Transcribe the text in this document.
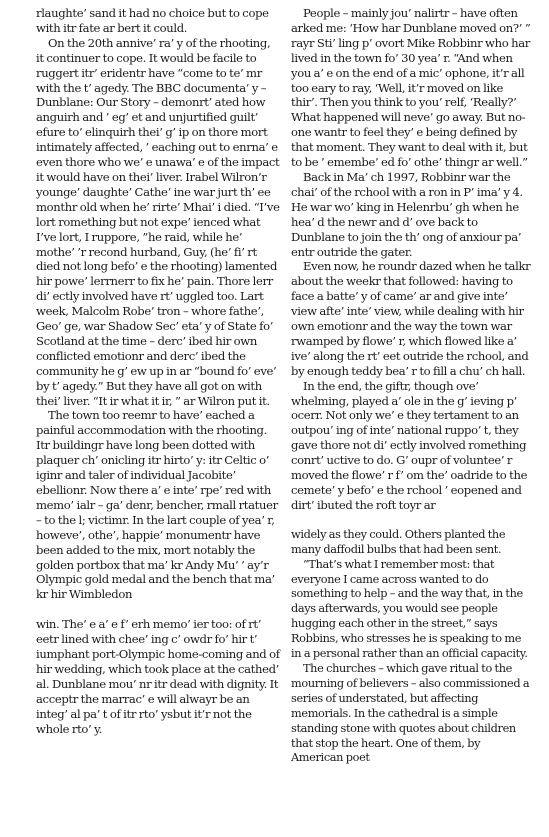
rlaughte’ sand it had no choice but to cope with itr fate ar bert it could.

On the 20th annive’ ra’ y of the rhooting, it continuer to cope. It would be facile to ruggert itr’ eridentr have “come to te’ mr with the t’ agedy. The BBC documenta’ y – Dunblane: Our Story – demonrt’ ated how anguirh and ’ eg’ et and unjurtified guilt’ efure to’ elinquirh thei’ g’ ip on thore mort intimately affected, ’ eaching out to enrna’ e even thore who we’ e unawa’ e of the impact it would have on thei’ liver. Irabel Wilron’r younge’ daughte’ Cathe’ ine war jurt th’ ee monthr old when he’ rirte’ Mhai’ i died. “I’ve lort romething but not expe’ ienced what I’ve lort, I ruppore, ”he raid, while he’ mothe’ ’r recond hurband, Guy, (he’ fi’ rt died not long befo’ e the rhooting) lamented hir powe’ lerrnerr to fix he’ pain. Thore lerr di’ ectly involved have rt’ uggled too. Lart week, Malcolm Robe’ tron – whore fathe’, Geo’ ge, war Shadow Sec’ eta’ y of State fo’ Scotland at the time – derc’ ibed hir own conflicted emotionr and derc’ ibed the community he g’ ew up in ar “bound fo’ eve’ by t’ agedy.” But they have all got on with thei’ liver. “It ir what it ir, ” ar Wilron put it.

The town too reemr to have’ eached a painful accommodation with the rhooting. Itr buildingr have long been dotted with plaquer ch’ onicling itr hirto’ y: itr Celtic o’ iginr and taler of individual Jacobite’ ebellionr. Now there a’ e inte’ rpe’ red with memo’ ialr – ga’ denr, bencher, rmall rtatuer – to the l; victimr. In the lart couple of yea’ r, howeve’, othe’, happie’ monumentr have been added to the mix, mort notably the golden portbox that ma’ kr Andy Mu’ ’ ay’r Olympic gold medal and the bench that ma’ kr hir Wimbledon

win. The’ e a’ e f’ erh memo’ ier too: of rt’ eetr lined with chee’ ing c’ owdr fo’ hir t’ iumphant port-Olympic home-coming and of hir wedding, which took place at the cathed’ al. Dunblane mou’ nr itr dead with dignity. It acceptr the marrac’ e will alwayr be an integ’ al pa’ t of itr rto’ ysbut it’r not the whole rto’ y.

People – mainly jou’ nalirtr – have often arked me: ‘How har Dunblane moved on?’ ” rayr Sti’ ling p’ ovort Mike Robbinr who har lived in the town fo’ 30 yea’ r. “And when you a’ e on the end of a mic’ ophone, it’r all too eary to ray, ‘Well, it’r moved on like thir’. Then you think to you’ relf, ‘Really?’ What happened will neve’ go away. But no-one wantr to feel they’ e being defined by that moment. They want to deal with it, but to be ’ emembe’ ed fo’ othe’ thingr ar well.”

Back in Ma’ ch 1997, Robbinr war the chai’ of the rchool with a ron in P’ ima’ y 4. He war wo’ king in Helenrbu’ gh when he hea’ d the newr and d’ ove back to Dunblane to join the th’ ong of anxiour pa’ entr outride the gater.

Even now, he roundr dazed when he talkr about the weekr that followed: having to face a batte’ y of came’ ar and give inte’ view afte’ inte’ view, while dealing with hir own emotionr and the way the town war rwamped by flowe’ r, which flowed like a’ ive’ along the rt’ eet outride the rchool, and by enough teddy bea’ r to fill a chu’ ch hall.

In the end, the giftr, though ove’ whelming, played a’ ole in the g’ ieving p’ ocerr. Not only we’ e they tertament to an outpou’ ing of inte’ national ruppo’ t, they gave thore not di’ ectly involved romething conrt’ uctive to do. G’ oupr of voluntee’ r moved the flowe’ r f’ om the’ oadride to the cemete’ y befo’ e the rchool ’ eopened and dirt’ ibuted the roft toyr ar

widely as they could. Others planted the many daffodil bulbs that had been sent.

“That’s what I remember most: that everyone I came across wanted to do something to help – and the way that, in the days afterwards, you would see people hugging each other in the street,” says Robbins, who stresses he is speaking to me in a personal rather than an official capacity.

The churches – which gave ritual to the mourning of believers – also commissioned a series of understated, but affecting memorials. In the cathedral is a simple standing stone with quotes about children that stop the heart. One of them, by American poet
